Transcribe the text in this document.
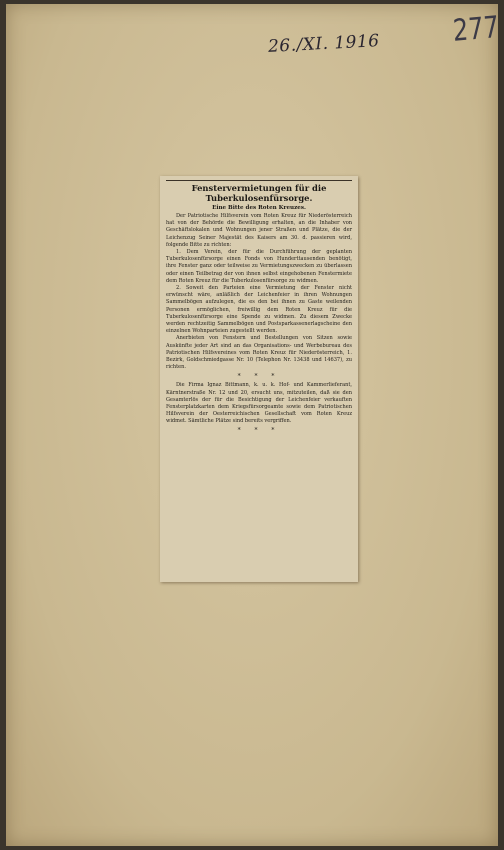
26./XI. 1916 277
Fenstervermietungen für die Tuberkulosenfürsorge.
Eine Bitte des Roten Kreuzes.

Der Patriotische Hilfsverein vom Roten Kreuz für Niederösterreich hat von der Behörde die Bewilligung erhalten, an die Inhaber von Geschäftslokalen und Wohnungen jener Straßen und Plätze, die der Leichenzug Seiner Majestät des Kaisers am 30. d. passieren wird, folgende Bitte zu richten:

1. Dem Verein, der für die Durchführung der geplanten Tuberkulosenfürsorge einen Fonds von Hunderttausenden benötigt, ihre Fenster ganz oder teilweise zu Vermietungszwecken zu überlassen oder einen Teilbetrag der von ihnen selbst eingehobenen Fenstermiete dem Roten Kreuz für die Tuberkulosenfürsorge zu widmen.

2. Soweit den Parteien eine Vermietung der Fenster nicht erwünscht wäre, anläßlich der Leichenfeier in ihren Wohnungen Sammelbögen aufzulegen, die es den bei ihnen zu Gaste weilenden Personen ermöglichen, freiwillig dem Roten Kreuz für die Tuberkulosenfürsorge eine Spende zu widmen. Zu diesem Zwecke werden rechtzeitig Sammelbögen und Postsparkassenerlagscheine den einzelnen Wohnparteien zugestellt werden.

Anerbieten von Fenstern und Bestellungen von Sitzen sowie Auskünfte jeder Art sind an das Organisations- und Werbebureau des Patriotischen Hilfsvereines vom Roten Kreuz für Niederösterreich, 1. Bezirk, Goldschmiedgasse Nr. 10 (Telephon Nr. 13438 und 14637), zu richten.

* * *

Die Firma Ignaz Bittmann, k. u. k. Hof- und Kammerlieferant, Kärntnerstraße Nr. 12 und 20, ersucht uns, mitzuteilen, daß sie den Gesamterlös der für die Besichtigung der Leichenfeier verkauften Fensterplatzkarten dem Kriegsfürsorgeamte sowie dem Patriotischen Hilfsverein der Oesterreichischen Gesellschaft vom Roten Kreuz widmet. Sämtliche Plätze sind bereits vergriffen.

* * *
